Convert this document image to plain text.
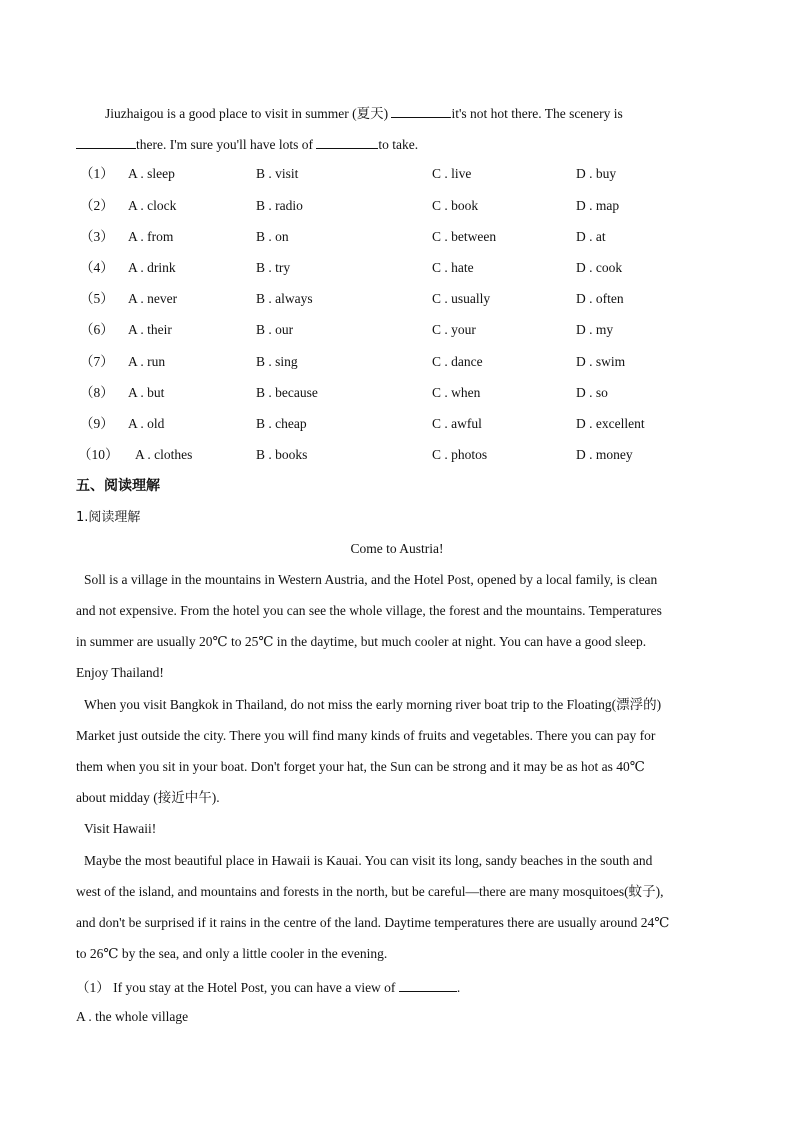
Jiuzhaigou is a good place to visit in summer (夏天)	it's not hot there. The scenery is
there. I'm sure you'll have lots of	to take.
（1） A . sleep	B . visit	C . live	D . buy
（2） A . clock	B . radio	C . book	D . map
（3） A . from	B . on	C . between	D . at
（4） A . drink	B . try	C . hate	D . cook
（5） A . never	B . always	C . usually	D . often
（6） A . their	B . our	C . your	D . my
（7） A . run	B . sing	C . dance	D . swim
（8） A . but	B . because	C . when	D . so
（9） A . old	B . cheap	C . awful	D . excellent
（10） A . clothes	B . books	C . photos	D . money
五、阅读理解
1.阅读理解
Come to Austria!
Soll is a village in the mountains in Western Austria, and the Hotel Post, opened by a local family, is clean
and not expensive. From the hotel you can see the whole village, the forest and the mountains. Temperatures
in summer are usually 20℃ to 25℃ in the daytime, but much cooler at night. You can have a good sleep.
Enjoy Thailand!
When you visit Bangkok in Thailand, do not miss the early morning river boat trip to the Floating(漂浮的)
Market just outside the city. There you will find many kinds of fruits and vegetables. There you can pay for
them when you sit in your boat. Don't forget your hat, the Sun can be strong and it may be as hot as 40℃
about midday (接近中午).
Visit Hawaii!
Maybe the most beautiful place in Hawaii is Kauai. You can visit its long, sandy beaches in the south and
west of the island, and mountains and forests in the north, but be careful—there are many mosquitoes(蚊子),
and don't be surprised if it rains in the centre of the land. Daytime temperatures there are usually around 24℃
to 26℃ by the sea, and only a little cooler in the evening.
（1） If you stay at the Hotel Post, you can have a view of	.
A . the whole village
